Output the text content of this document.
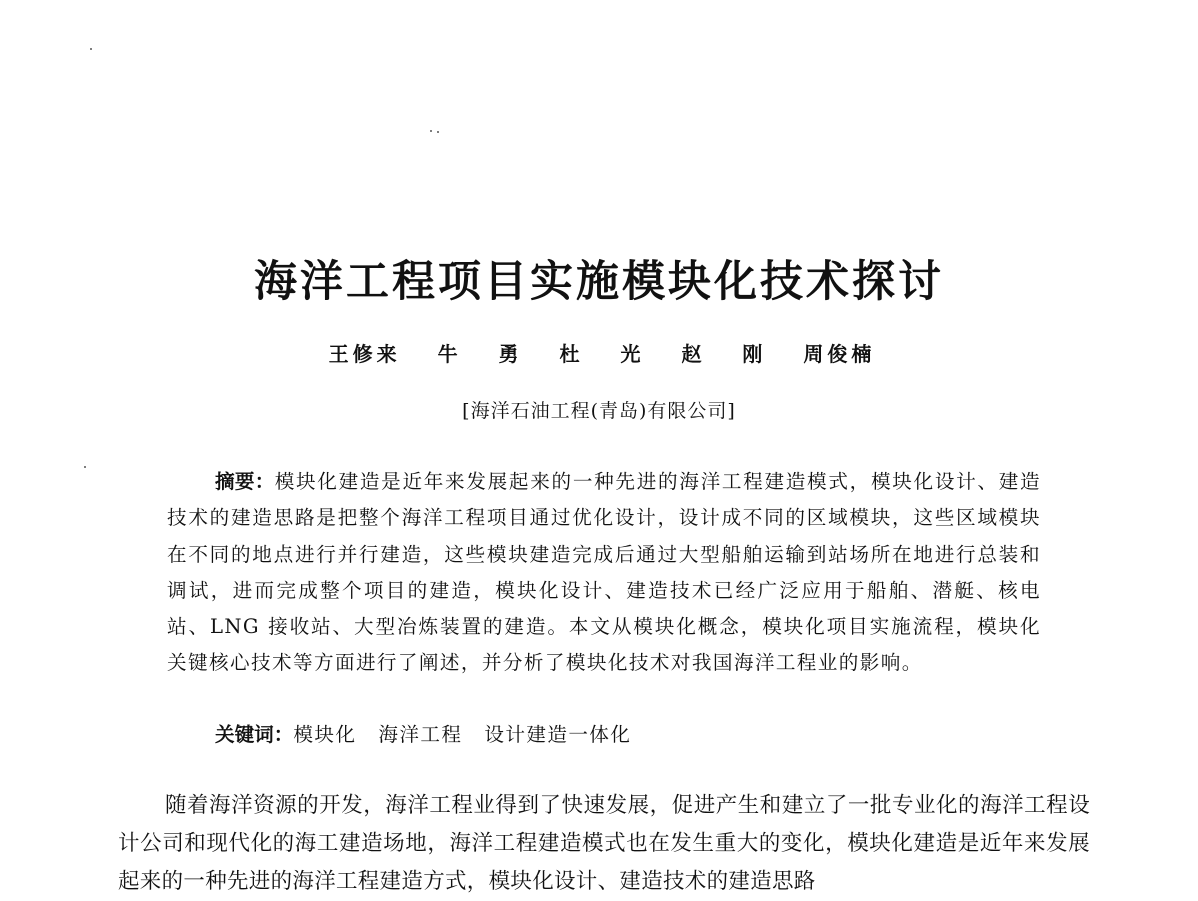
海洋工程项目实施模块化技术探讨
王修来 牛 勇 杜 光 赵 刚 周俊楠
[海洋石油工程(青岛)有限公司]

摘要：模块化建造是近年来发展起来的一种先进的海洋工程建造模式，模块化设计、建造技术的建造思路是把整个海洋工程项目通过优化设计，设计成不同的区域模块，这些区域模块在不同的地点进行并行建造，这些模块建造完成后通过大型船舶运输到站场所在地进行总装和调试，进而完成整个项目的建造，模块化设计、建造技术已经广泛应用于船舶、潜艇、核电站、LNG 接收站、大型冶炼装置的建造。本文从模块化概念，模块化项目实施流程，模块化关键核心技术等方面进行了阐述，并分析了模块化技术对我国海洋工程业的影响。

关键词：模块化 海洋工程 设计建造一体化

随着海洋资源的开发，海洋工程业得到了快速发展，促进产生和建立了一批专业化的海洋工程设计公司和现代化的海工建造场地，海洋工程建造模式也在发生重大的变化，模块化建造是近年来发展起来的一种先进的海洋工程建造方式，模块化设计、建造技术的建造思路
